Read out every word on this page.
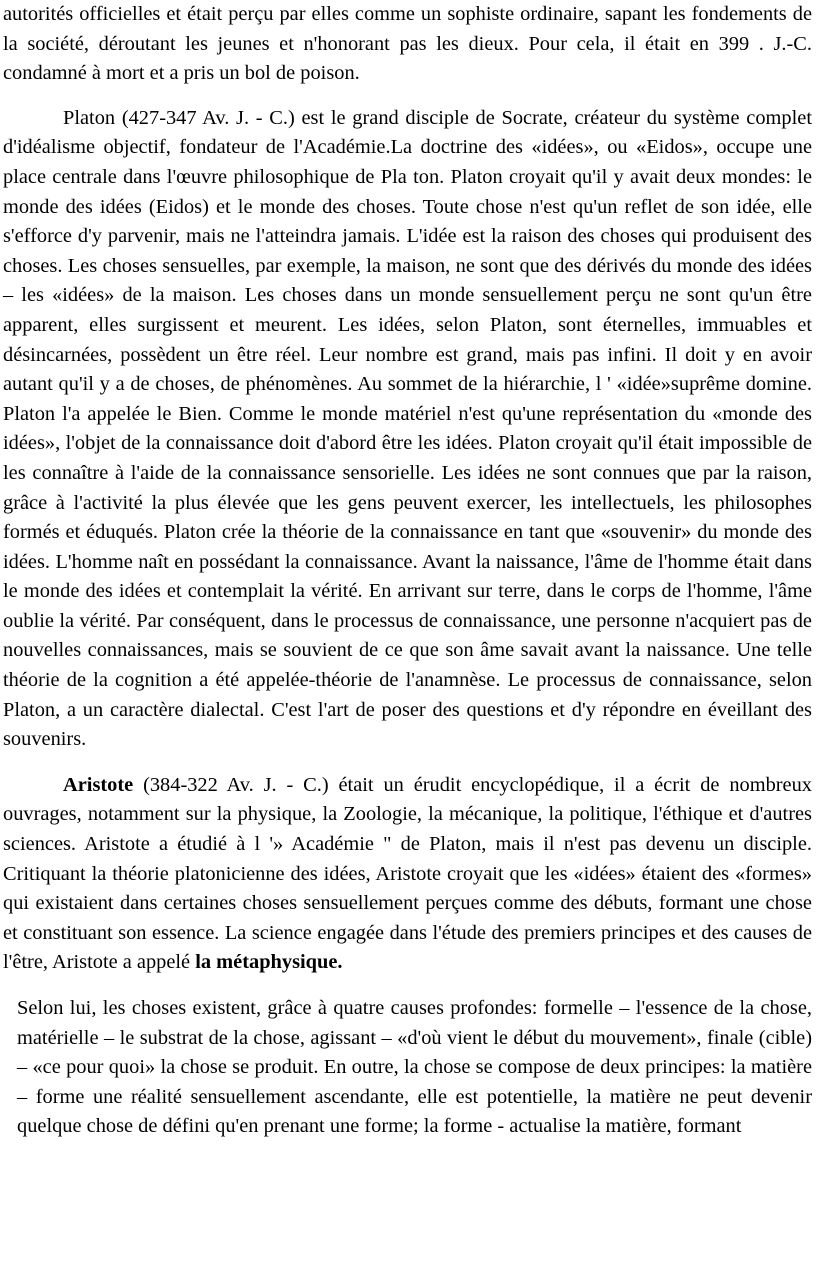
autorités officielles et était perçu par elles comme un sophiste ordinaire, sapant les fondements de la société, déroutant les jeunes et n'honorant pas les dieux. Pour cela, il était en 399 . J.-C. condamné à mort et a pris un bol de poison.

Platon (427-347 Av. J. - C.) est le grand disciple de Socrate, créateur du système complet d'idéalisme objectif, fondateur de l'Académie.La doctrine des «idées», ou «Eidos», occupe une place centrale dans l'œuvre philosophique de Pla ton. Platon croyait qu'il y avait deux mondes: le monde des idées (Eidos) et le monde des choses. Toute chose n'est qu'un reflet de son idée, elle s'efforce d'y parvenir, mais ne l'atteindra jamais. L'idée est la raison des choses qui produisent des choses. Les choses sensuelles, par exemple, la maison, ne sont que des dérivés du monde des idées – les «idées» de la maison. Les choses dans un monde sensuellement perçu ne sont qu'un être apparent, elles surgissent et meurent. Les idées, selon Platon, sont éternelles, immuables et désincarnées, possèdent un être réel. Leur nombre est grand, mais pas infini. Il doit y en avoir autant qu'il y a de choses, de phénomènes. Au sommet de la hiérarchie, l ' «idée»suprême domine. Platon l'a appelée le Bien. Comme le monde matériel n'est qu'une représentation du «monde des idées», l'objet de la connaissance doit d'abord être les idées. Platon croyait qu'il était impossible de les connaître à l'aide de la connaissance sensorielle. Les idées ne sont connues que par la raison, grâce à l'activité la plus élevée que les gens peuvent exercer, les intellectuels, les philosophes formés et éduqués. Platon crée la théorie de la connaissance en tant que «souvenir» du monde des idées. L'homme naît en possédant la connaissance. Avant la naissance, l'âme de l'homme était dans le monde des idées et contemplait la vérité. En arrivant sur terre, dans le corps de l'homme, l'âme oublie la vérité. Par conséquent, dans le processus de connaissance, une personne n'acquiert pas de nouvelles connaissances, mais se souvient de ce que son âme savait avant la naissance. Une telle théorie de la cognition a été appelée-théorie de l'anamnèse. Le processus de connaissance, selon Platon, a un caractère dialectal. C'est l'art de poser des questions et d'y répondre en éveillant des souvenirs.

Aristote (384-322 Av. J. - C.) était un érudit encyclopédique, il a écrit de nombreux ouvrages, notamment sur la physique, la Zoologie, la mécanique, la politique, l'éthique et d'autres sciences. Aristote a étudié à l '» Académie " de Platon, mais il n'est pas devenu un disciple. Critiquant la théorie platonicienne des idées, Aristote croyait que les «idées» étaient des «formes» qui existaient dans certaines choses sensuellement perçues comme des débuts, formant une chose et constituant son essence. La science engagée dans l'étude des premiers principes et des causes de l'être, Aristote a appelé la métaphysique.

Selon lui, les choses existent, grâce à quatre causes profondes: formelle – l'essence de la chose, matérielle – le substrat de la chose, agissant – «d'où vient le début du mouvement», finale (cible) – «ce pour quoi» la chose se produit. En outre, la chose se compose de deux principes: la matière – forme une réalité sensuellement ascendante, elle est potentielle, la matière ne peut devenir quelque chose de défini qu'en prenant une forme; la forme - actualise la matière, formant
